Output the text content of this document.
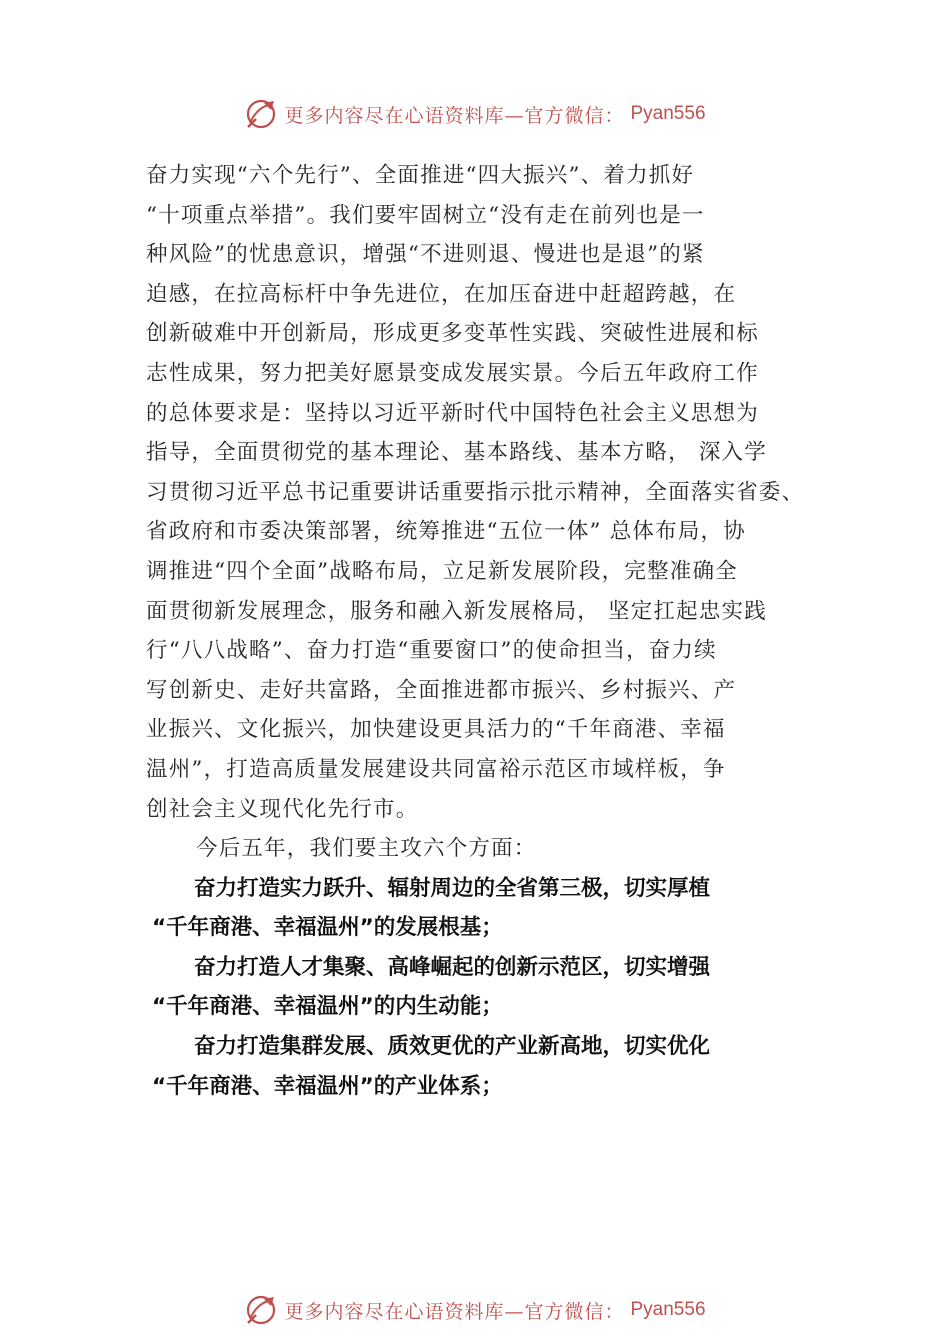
更多内容尽在心语资料库—官方微信： Pyan556

奋力实现“六个先行”、全面推进“四大振兴”、着力抓好
“十项重点举措”。我们要牢固树立“没有走在前列也是一
种风险”的忧患意识，增强“不进则退、慢进也是退”的紧
迫感，在拉高标杆中争先进位，在加压奋进中赶超跨越，在
创新破难中开创新局，形成更多变革性实践、突破性进展和标
志性成果，努力把美好愿景变成发展实景。今后五年政府工作
的总体要求是：坚持以习近平新时代中国特色社会主义思想为
指导，全面贯彻党的基本理论、基本路线、基本方略， 深入学
习贯彻习近平总书记重要讲话重要指示批示精神，全面落实省委、
省政府和市委决策部署，统筹推进“五位一体” 总体布局，协
调推进“四个全面”战略布局，立足新发展阶段，完整准确全
面贯彻新发展理念，服务和融入新发展格局， 坚定扛起忠实践
行“八八战略”、奋力打造“重要窗口”的使命担当，奋力续
写创新史、走好共富路，全面推进都市振兴、乡村振兴、产
业振兴、文化振兴，加快建设更具活力的“千年商港、幸福
温州”，打造高质量发展建设共同富裕示范区市域样板，争
创社会主义现代化先行市。
今后五年，我们要主攻六个方面：

奋力打造实力跃升、辐射周边的全省第三极，切实厚植
“千年商港、幸福温州”的发展根基；
奋力打造人才集聚、高峰崛起的创新示范区，切实增强
“千年商港、幸福温州”的内生动能；
奋力打造集群发展、质效更优的产业新高地，切实优化
“千年商港、幸福温州”的产业体系；
更多内容尽在心语资料库—官方微信： Pyan556
